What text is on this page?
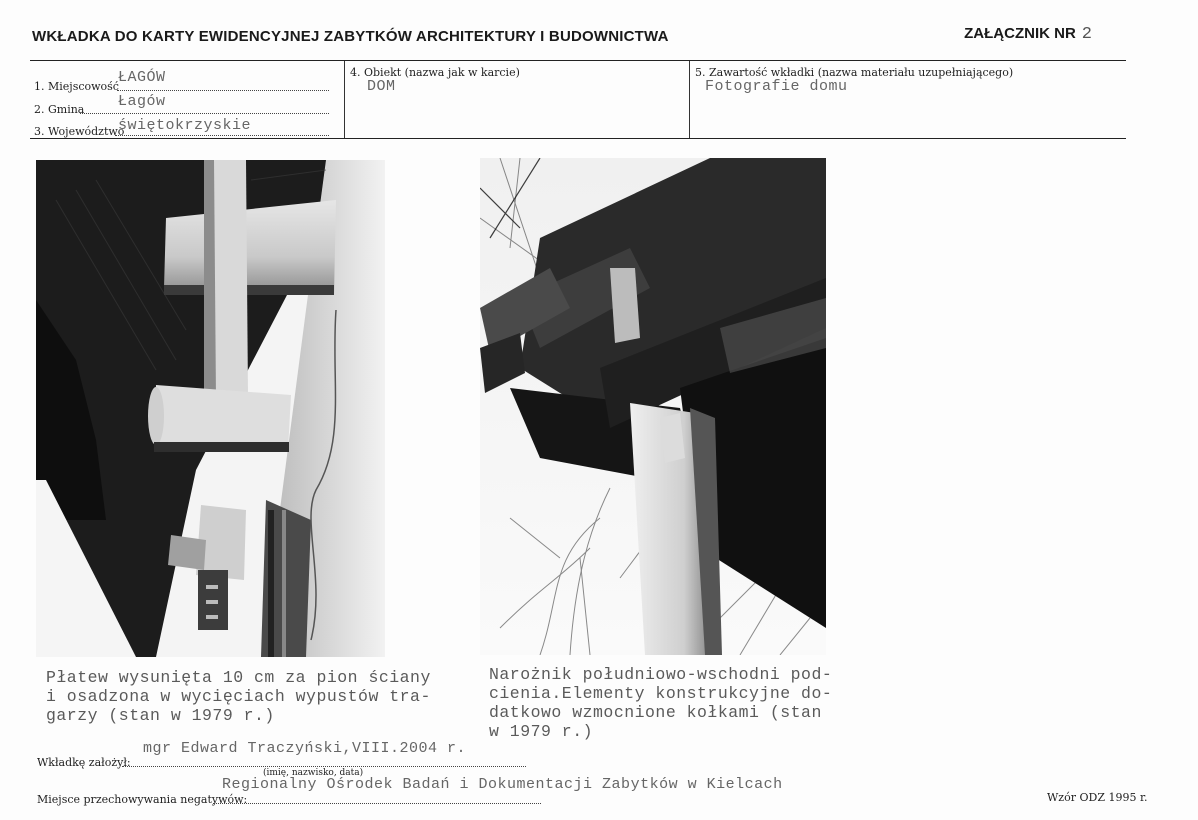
WKŁADKA DO KARTY EWIDENCYJNEJ ZABYTKÓW ARCHITEKTURY I BUDOWNICTWA	ZAŁĄCZNIK NR 2
1. Miejscowość
ŁAGÓW
2. Gmina Łagów
3. Województwo
świętokrzyskie
4. Obiekt (nazwa jak w karcie)
DOM
5. Zawartość wkładki (nazwa materiału uzupełniającego)
Fotografie domu
Płatew wysunięta 10 cm za pion ściany
i osadzona w wycięciach wypustów tra-
garzy (stan w 1979 r.)
Narożnik południowo-wschodni pod-
cienia.Elementy konstrukcyjne do-
datkowo wzmocnione kołkami (stan
w 1979 r.)
Wkładkę założył:
mgr Edward Traczyński,VIII.2004 r.
(imię, nazwisko, data)
Miejsce przechowywania negatywów:
Regionalny Ośrodek Badań i Dokumentacji Zabytków w Kielcach
Wzór ODZ 1995 r.
